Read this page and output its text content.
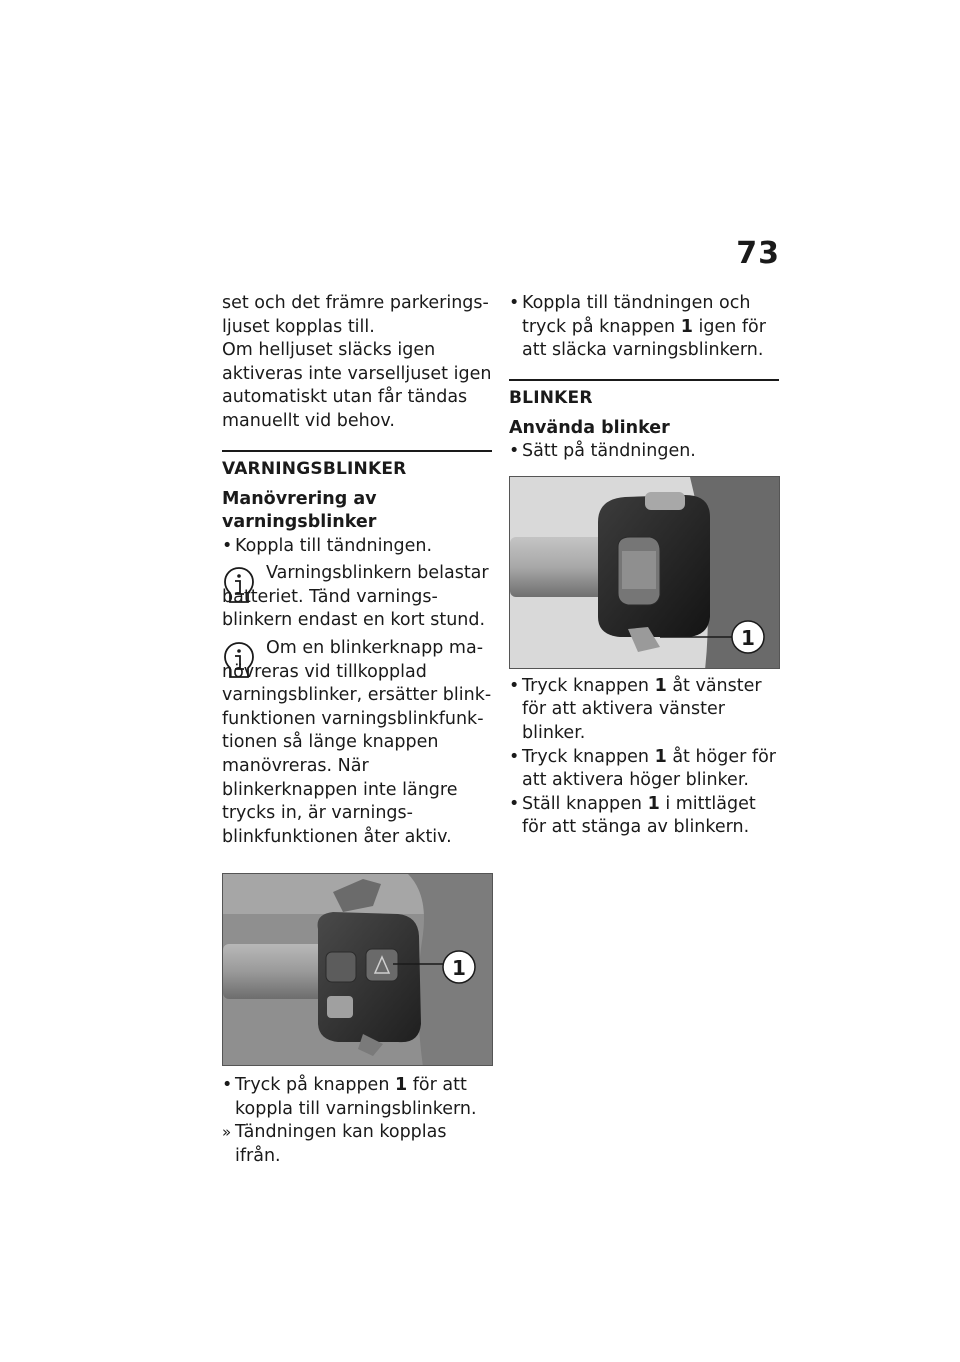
73

set och det främre parkeringsljuset kopplas till.

Om helljuset släcks igen aktiveras inte varselljuset igen automatiskt utan får tändas manuellt vid behov.

VARNINGSBLINKER
Manövrering av varningsblinker

• Koppla till tändningen.

Varningsblinkern belastar batteriet. Tänd varningsblinkern endast en kort stund.
Om en blinkerknapp manövreras vid tillkopplad varningsblinker, ersätter blinkfunktionen varningsblinkfunktionen så länge knappen manövreras. När blinkerknappen inte längre trycks in, är varningsblinkfunktionen åter aktiv.
1

• Tryck på knappen 1 för att koppla till varningsblinkern.

» Tändningen kan kopplas ifrån.

• Koppla till tändningen och tryck på knappen 1 igen för att släcka varningsblinkern.

BLINKER
Använda blinker

• Sätt på tändningen.

1

• Tryck knappen 1 åt vänster för att aktivera vänster blinker.

• Tryck knappen 1 åt höger för att aktivera höger blinker.

• Ställ knappen 1 i mittläget för att stänga av blinkern.
